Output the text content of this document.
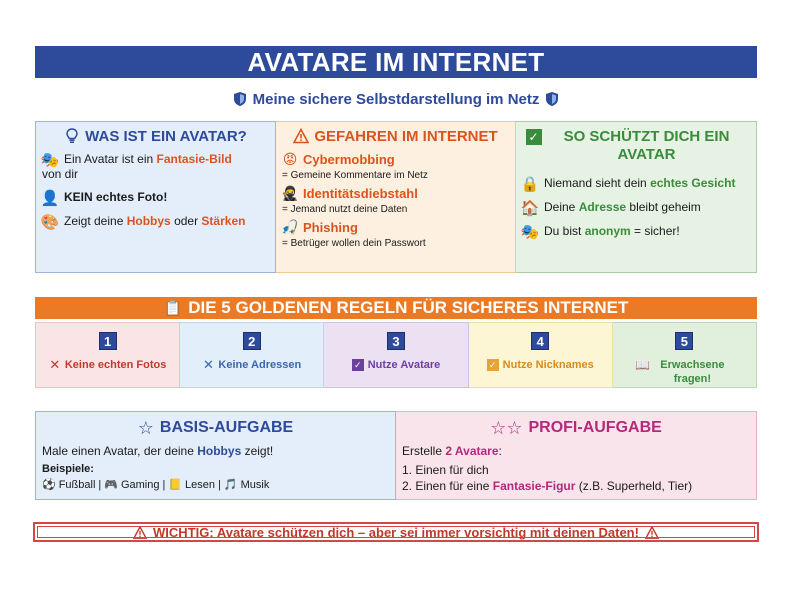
AVATARE IM INTERNET
Meine sichere Selbstdarstellung im Netz
WAS IST EIN AVATAR?
🎭 Ein Avatar ist ein Fantasie-Bild
von dir
👤 KEIN echtes Foto!
🎨 Zeigt deine Hobbys oder Stärken
GEFAHREN IM INTERNET
😡 Cybermobbing
= Gemeine Kommentare im Netz
🥷 Identitätsdiebstahl
= Jemand nutzt deine Daten
🎣 Phishing
= Betrüger wollen dein Passwort
✓	SO SCHÜTZT DICH EIN AVATAR
🔒 Niemand sieht dein echtes Gesicht
🏠 Deine Adresse bleibt geheim
🎭 Du bist anonym = sicher!
📋 DIE 5 GOLDENEN REGELN FÜR SICHERES INTERNET
1
✕ Keine echten Fotos
2
✕ Keine Adressen
3
✓ Nutze Avatare
4
✓ Nutze Nicknames
5
📖 Erwachsene fragen!
☆ BASIS-AUFGABE
Male einen Avatar, der deine Hobbys zeigt!
Beispiele:
⚽ Fußball | 🎮 Gaming | 📒 Lesen | 🎵 Musik
☆☆ PROFI-AUFGABE
Erstelle 2 Avatare:
1. Einen für dich
2. Einen für eine Fantasie-Figur (z.B. Superheld, Tier)
WICHTIG: Avatare schützen dich – aber sei immer vorsichtig mit deinen Daten!
